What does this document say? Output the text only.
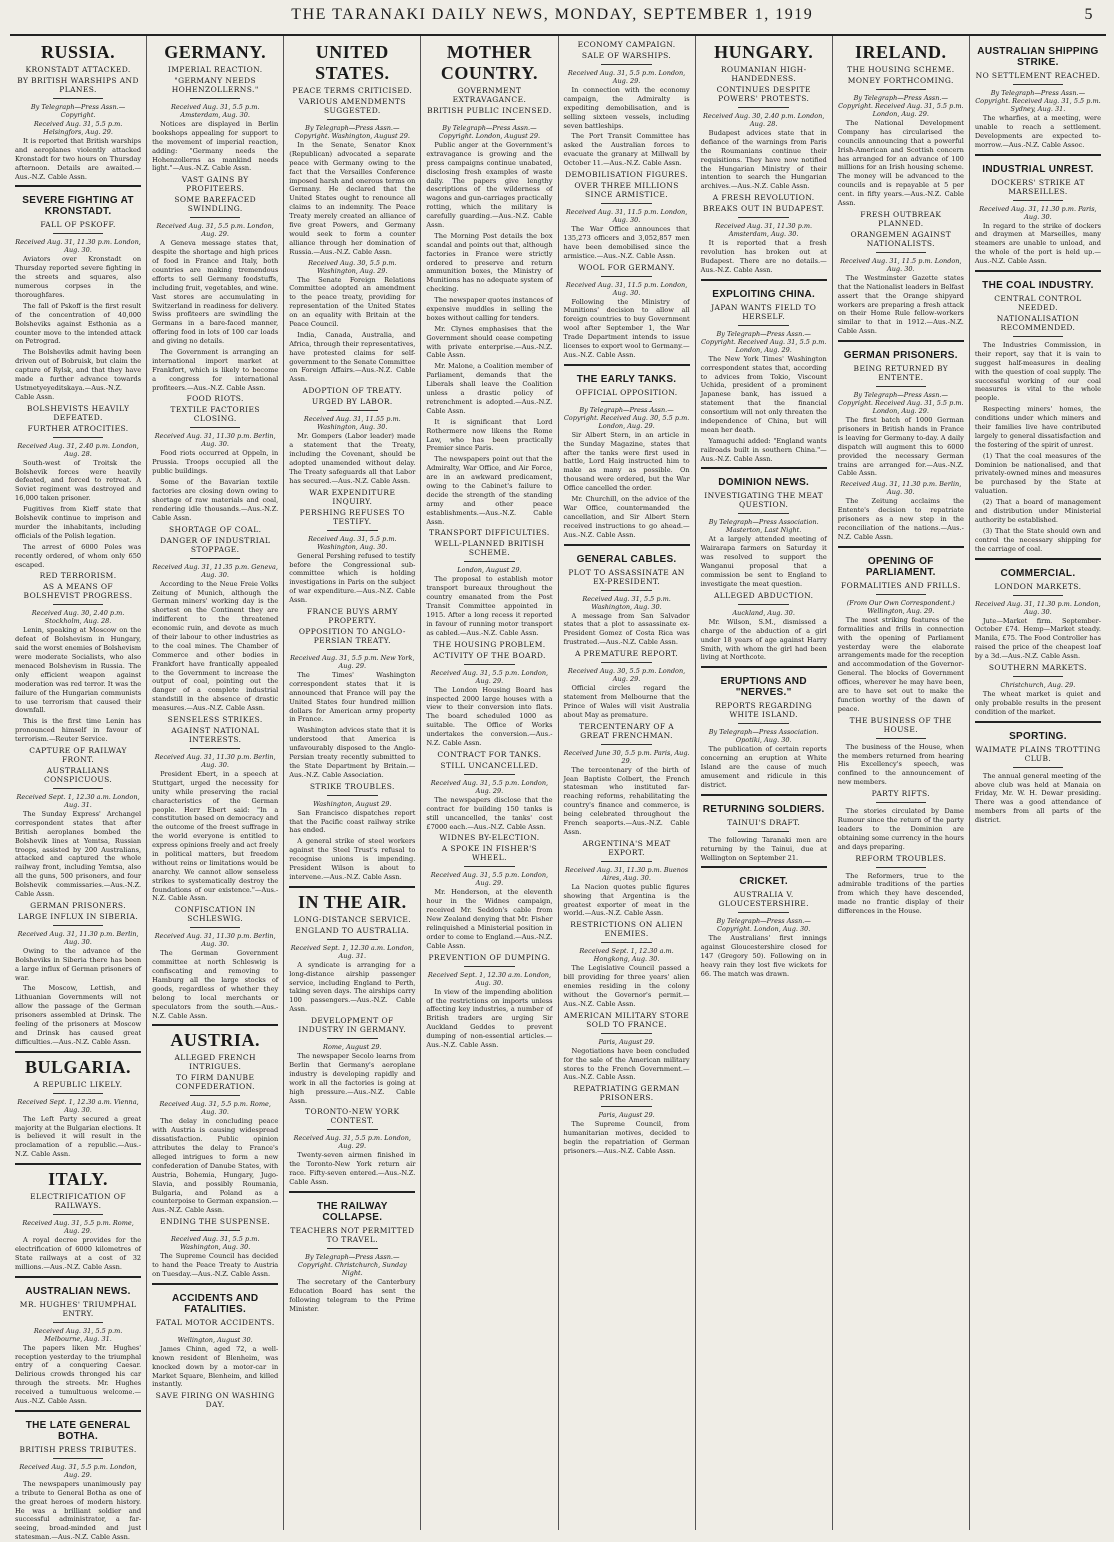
THE TARANAKI DAILY NEWS, MONDAY, SEPTEMBER 1, 1919	5
RUSSIA.
KRONSTADT ATTACKED.
BY BRITISH WARSHIPS AND PLANES.
By Telegraph—Press Assn.—Copyright.
Received Aug. 31, 5.5 p.m. Helsingfors, Aug. 29.

It is reported that British warships and aeroplanes violently attacked Kronstadt for two hours on Thursday afternoon. Details are awaited.—Aus.-N.Z. Cable Assn.

SEVERE FIGHTING AT KRONSTADT.
FALL OF PSKOFF.
Received Aug. 31, 11.30 p.m. London, Aug. 30.

Aviators over Kronstadt on Thursday reported severe fighting in the streets and squares, also numerous corpses in the thoroughfares.

The fall of Pskoff is the first result of the concentration of 40,000 Bolsheviks against Esthonia as a counter move to the intended attack on Petrograd.

The Bolsheviks admit having been driven out of Bobruisk, but claim the capture of Rylsk, and that they have made a further advance towards Ustmetyeyeditskaya.—Aus.-N.Z. Cable Assn.

BOLSHEVISTS HEAVILY DEFEATED.
FURTHER ATROCITIES.
Received Aug. 31, 2.40 p.m. London, Aug. 28.

South-west of Troitsk the Bolshevik forces were heavily defeated, and forced to retreat. A Soviet regiment was destroyed and 16,000 taken prisoner.

Fugitives from Kieff state that Bolshevik continue to imprison and murder the inhabitants, including officials of the Polish legation.

The arrest of 6000 Poles was recently ordered, of whom only 650 escaped.

RED TERRORISM.
AS A MEANS OF BOLSHEVIST PROGRESS.
Received Aug. 30, 2.40 p.m. Stockholm, Aug. 28.

Lenin, speaking at Moscow on the defeat of Bolshevism in Hungary, said the worst enemies of Bolshevism were moderate Socialists, who also menaced Bolshevism in Russia. The only efficient weapon against moderation was red terror. It was the failure of the Hungarian communists to use terrorism that caused their downfall.

This is the first time Lenin has pronounced himself in favour of terrorism.—Reuter Service.

CAPTURE OF RAILWAY FRONT.
AUSTRALIANS CONSPICUOUS.
Received Sept. 1, 12.30 a.m. London, Aug. 31.

The Sunday Express' Archangel correspondent states that after British aeroplanes bombed the Bolshevik lines at Yemtsa, Russian troops, assisted by 200 Australians, attacked and captured the whole railway front, including Yemtsa, also all the guns, 500 prisoners, and four Bolshevik commissaries.—Aus.-N.Z. Cable Assn.

GERMAN PRISONERS.
LARGE INFLUX IN SIBERIA.
Received Aug. 31, 11.30 p.m. Berlin, Aug. 30.

Owing to the advance of the Bolsheviks in Siberia there has been a large influx of German prisoners of war.

The Moscow, Lettish, and Lithuanian Governments will not allow the passage of the German prisoners assembled at Drinsk. The feeling of the prisoners at Moscow and Drinsk has caused great difficulties.—Aus.-N.Z. Cable Assn.

BULGARIA.
A REPUBLIC LIKELY.
Received Sept. 1, 12.30 a.m. Vienna, Aug. 30.

The Left Party secured a great majority at the Bulgarian elections. It is believed it will result in the proclamation of a republic.—Aus.-N.Z. Cable Assn.

ITALY.
ELECTRIFICATION OF RAILWAYS.
Received Aug. 31, 5.5 p.m. Rome, Aug. 29.

A royal decree provides for the electrification of 6000 kilometres of State railways at a cost of 32 millions.—Aus.-N.Z. Cable Assn.

AUSTRALIAN NEWS.
MR. HUGHES' TRIUMPHAL ENTRY.
Received Aug. 31, 5.5 p.m. Melbourne, Aug. 31.

The papers liken Mr. Hughes' reception yesterday to the triumphal entry of a conquering Caesar. Delirious crowds thronged his car through the streets. Mr. Hughes received a tumultuous welcome.—Aus.-N.Z. Cable Assn.

THE LATE GENERAL BOTHA.
BRITISH PRESS TRIBUTES.
Received Aug. 31, 5.5 p.m. London, Aug. 29.

The newspapers unanimously pay a tribute to General Botha as one of the great heroes of modern history. He was a brilliant soldier and successful administrator, a far-seeing, broad-minded and just statesman.—Aus.-N.Z. Cable Assn.

GERMANY.
IMPERIAL REACTION.
"GERMANY NEEDS HOHENZOLLERNS."
Received Aug. 31, 5.5 p.m. Amsterdam, Aug. 30.

Notices are displayed in Berlin bookshops appealing for support to the movement of imperial reaction, adding: "Germany needs the Hohenzollerns as mankind needs light."—Aus.-N.Z. Cable Assn.

VAST GAINS BY PROFITEERS.
SOME BAREFACED SWINDLING.
Received Aug. 31, 5.5 p.m. London, Aug. 29.

A Geneva message states that, despite the shortage and high prices of food in France and Italy, both countries are making tremendous efforts to sell Germany foodstuffs, including fruit, vegetables, and wine. Vast stores are accumulating in Switzerland in readiness for delivery. Swiss profiteers are swindling the Germans in a bare-faced manner, offering food in lots of 100 car loads and giving no details.

The Government is arranging an international import market at Frankfort, which is likely to become a congress for international profiteers.—Aus.-N.Z. Cable Assn.

FOOD RIOTS.
TEXTILE FACTORIES CLOSING.
Received Aug. 31, 11.30 p.m. Berlin, Aug. 30.

Food riots occurred at Oppeln, in Prussia. Troops occupied all the public buildings.

Some of the Bavarian textile factories are closing down owing to shortage of raw materials and coal, rendering idle thousands.—Aus.-N.Z. Cable Assn.

SHORTAGE OF COAL.
DANGER OF INDUSTRIAL STOPPAGE.
Received Aug. 31, 11.35 p.m. Geneva, Aug. 30.

According to the Neue Freie Volks Zeitung of Munich, although the German miners' working day is the shortest on the Continent they are indifferent to the threatened economic ruin, and devote as much of their labour to other industries as to the coal mines. The Chamber of Commerce and other bodies in Frankfort have frantically appealed to the Government to increase the output of coal, pointing out the danger of a complete industrial standstill in the absence of drastic measures.—Aus.-N.Z. Cable Assn.

SENSELESS STRIKES.
AGAINST NATIONAL INTERESTS.
Received Aug. 31, 11.30 p.m. Berlin, Aug. 30.

President Ebert, in a speech at Stuttgart, urged the necessity for unity while preserving the racial characteristics of the German people. Herr Ebert said: "In a constitution based on democracy and the outcome of the freest suffrage in the world everyone is entitled to express opinions freely and act freely in political matters, but freedom without reins or limitations would be anarchy. We cannot allow senseless strikes to systematically destroy the foundations of our existence."—Aus.-N.Z. Cable Assn.

CONFISCATION IN SCHLESWIG.
Received Aug. 31, 11.30 p.m. Berlin, Aug. 30.

The German Government committee at north Schleswig is confiscating and removing to Hamburg all the large stocks of goods, regardless of whether they belong to local merchants or speculators from the south.—Aus.-N.Z. Cable Assn.

AUSTRIA.
ALLEGED FRENCH INTRIGUES.
TO FIRM DANUBE CONFEDERATION.
Received Aug. 31, 5.5 p.m. Rome, Aug. 30.

The delay in concluding peace with Austria is causing widespread dissatisfaction. Public opinion attributes the delay to France's alleged intrigues to form a new confederation of Danube States, with Austria, Bohemia, Hungary, Jugo-Slavia, and possibly Roumania, Bulgaria, and Poland as a counterpoise to German expansion.—Aus.-N.Z. Cable Assn.

ENDING THE SUSPENSE.
Received Aug. 31, 5.5 p.m. Washington, Aug. 30.

The Supreme Council has decided to hand the Peace Treaty to Austria on Tuesday.—Aus.-N.Z. Cable Assn.

ACCIDENTS AND FATALITIES.
FATAL MOTOR ACCIDENTS.
Wellington, August 30.

James Chinn, aged 72, a well-known resident of Blenheim, was knocked down by a motor-car in Market Square, Blenheim, and killed instantly.

SAVE FIRING ON WASHING DAY.
UNITED STATES.
PEACE TERMS CRITICISED.
VARIOUS AMENDMENTS SUGGESTED.
By Telegraph—Press Assn.—Copyright. Washington, August 29.

In the Senate, Senator Knox (Republican) advocated a separate peace with Germany owing to the fact that the Versailles Conference imposed harsh and onerous terms on Germany. He declared that the United States ought to renounce all claims to an indemnity. The Peace Treaty merely created an alliance of five great Powers, and Germany would seek to form a counter alliance through her domination of Russia.—Aus.-N.Z. Cable Assn.

Received Aug. 30, 5.5 p.m. Washington, Aug. 29.

The Senate Foreign Relations Committee adopted an amendment to the peace treaty, providing for representation of the United States on an equality with Britain at the Peace Council.

India, Canada, Australia, and Africa, through their representatives, have protested claims for self-government to the Senate Committee on Foreign Affairs.—Aus.-N.Z. Cable Assn.

ADOPTION OF TREATY.
URGED BY LABOR.
Received Aug. 31, 11.55 p.m. Washington, Aug. 30.

Mr. Gompers (Labor leader) made a statement that the Treaty, including the Covenant, should be adopted unamended without delay. The Treaty safeguards all that Labor has secured.—Aus.-N.Z. Cable Assn.

WAR EXPENDITURE INQUIRY.
PERSHING REFUSES TO TESTIFY.
Received Aug. 31, 5.5 p.m. Washington, Aug. 30.

General Pershing refused to testify before the Congressional sub-committee which is holding investigations in Paris on the subject of war expenditure.—Aus.-N.Z. Cable Assn.

FRANCE BUYS ARMY PROPERTY.
OPPOSITION TO ANGLO-PERSIAN TREATY.
Received Aug. 31, 5.5 p.m. New York, Aug. 29.

The Times' Washington correspondent states that it is announced that France will pay the United States four hundred million dollars for American army property in France.

Washington advices state that it is understood that America is unfavourably disposed to the Anglo-Persian treaty recently submitted to the State Department by Britain.—Aus.-N.Z. Cable Association.

STRIKE TROUBLES.
Washington, August 29.

San Francisco dispatches report that the Pacific coast railway strike has ended.

A general strike of steel workers against the Steel Trust's refusal to recognise unions is impending. President Wilson is about to intervene.—Aus.-N.Z. Cable Assn.

IN THE AIR.
LONG-DISTANCE SERVICE.
ENGLAND TO AUSTRALIA.
Received Sept. 1, 12.30 a.m. London, Aug. 31.

A syndicate is arranging for a long-distance airship passenger service, including England to Perth, taking seven days. The airships carry 100 passengers.—Aus.-N.Z. Cable Assn.

DEVELOPMENT OF INDUSTRY IN GERMANY.
Rome, August 29.

The newspaper Secolo learns from Berlin that Germany's aeroplane industry is developing rapidly and work in all the factories is going at high pressure.—Aus.-N.Z. Cable Assn.

TORONTO-NEW YORK CONTEST.
Received Aug. 31, 5.5 p.m. London, Aug. 29.

Twenty-seven airmen finished in the Toronto-New York return air race. Fifty-seven entered.—Aus.-N.Z. Cable Assn.

THE RAILWAY COLLAPSE.
TEACHERS NOT PERMITTED TO TRAVEL.
By Telegraph—Press Assn.—Copyright. Christchurch, Sunday Night.

The secretary of the Canterbury Education Board has sent the following telegram to the Prime Minister.

MOTHER COUNTRY.
GOVERNMENT EXTRAVAGANCE.
BRITISH PUBLIC INCENSED.
By Telegraph—Press Assn.—Copyright. London, August 29.

Public anger at the Government's extravagance is growing and the press campaigns continue unabated, disclosing fresh examples of waste daily. The papers give lengthy descriptions of the wilderness of wagons and gun-carriages practically rotting, which the military is carefully guarding.—Aus.-N.Z. Cable Assn.

The Morning Post details the box scandal and points out that, although factories in France were strictly ordered to preserve and return ammunition boxes, the Ministry of Munitions has no adequate system of checking.

The newspaper quotes instances of expensive muddles in selling the boxes without calling for tenders.

Mr. Clynes emphasises that the Government should cease competing with private enterprise.—Aus.-N.Z. Cable Assn.

Mr. Malone, a Coalition member of Parliament, demands that the Liberals shall leave the Coalition unless a drastic policy of retrenchment is adopted.—Aus.-N.Z. Cable Assn.

It is significant that Lord Rothermere now likens the Rome Law, who has been practically Premier since Paris.

The newspapers point out that the Admiralty, War Office, and Air Force, are in an awkward predicament, owing to the Cabinet's failure to decide the strength of the standing army and other peace establishments.—Aus.-N.Z. Cable Assn.

TRANSPORT DIFFICULTIES.
WELL-PLANNED BRITISH SCHEME.
London, August 29.

The proposal to establish motor transport bureaux throughout the country emanated from the Post Transit Committee appointed in 1915. After a long recess it reported in favour of running motor transport as cabled.—Aus.-N.Z. Cable Assn.

THE HOUSING PROBLEM.
ACTIVITY OF THE BOARD.
Received Aug. 31, 5.5 p.m. London, Aug. 29.

The London Housing Board has inspected 2000 large houses with a view to their conversion into flats. The board scheduled 1000 as suitable. The Office of Works undertakes the conversion.—Aus.-N.Z. Cable Assn.

CONTRACT FOR TANKS.
STILL UNCANCELLED.
Received Aug. 31, 5.5 p.m. London, Aug. 29.

The newspapers disclose that the contract for building 150 tanks is still uncancelled, the tanks' cost £7000 each.—Aus.-N.Z. Cable Assn.

WIDNES BY-ELECTION.
A SPOKE IN FISHER'S WHEEL.
Received Aug. 31, 5.5 p.m. London, Aug. 29.

Mr. Henderson, at the eleventh hour in the Widnes campaign, received Mr. Seddon's cable from New Zealand denying that Mr. Fisher relinquished a Ministerial position in order to come to England.—Aus.-N.Z. Cable Assn.

PREVENTION OF DUMPING.
Received Sept. 1, 12.30 a.m. London, Aug. 30.

In view of the impending abolition of the restrictions on imports unless affecting key industries, a number of British traders are urging Sir Auckland Geddes to prevent dumping of non-essential articles.—Aus.-N.Z. Cable Assn.

ECONOMY CAMPAIGN.
SALE OF WARSHIPS.
Received Aug. 31, 5.5 p.m. London, Aug. 29.

In connection with the economy campaign, the Admiralty is expediting demobilisation, and is selling sixteen vessels, including seven battleships.

The Port Transit Committee has asked the Australian forces to evacuate the granary at Millwall by October 11.—Aus.-N.Z. Cable Assn.

DEMOBILISATION FIGURES.
OVER THREE MILLIONS SINCE ARMISTICE.
Received Aug. 31, 11.5 p.m. London, Aug. 30.

The War Office announces that 135,273 officers and 3,052,857 men have been demobilised since the armistice.—Aus.-N.Z. Cable Assn.

WOOL FOR GERMANY.
Received Aug. 31, 11.5 p.m. London, Aug. 30.

Following the Ministry of Munitions' decision to allow all foreign countries to buy Government wool after September 1, the War Trade Department intends to issue licenses to export wool to Germany.—Aus.-N.Z. Cable Assn.

THE EARLY TANKS.
OFFICIAL OPPOSITION.
By Telegraph—Press Assn.—Copyright. Received Aug. 30, 5.5 p.m. London, Aug. 29.

Sir Albert Stern, in an article in the Sunday Magazine, states that after the tanks were first used in battle, Lord Haig instructed him to make as many as possible. On thousand were ordered, but the War Office cancelled the order.

Mr. Churchill, on the advice of the War Office, countermanded the cancellation, and Sir Albert Stern received instructions to go ahead.—Aus.-N.Z. Cable Assn.

GENERAL CABLES.
PLOT TO ASSASSINATE AN EX-PRESIDENT.
Received Aug. 31, 5.5 p.m. Washington, Aug. 30.

A message from San Salvador states that a plot to assassinate ex-President Gomez of Costa Rica was frustrated.—Aus.-N.Z. Cable Assn.

A PREMATURE REPORT.
Received Aug. 30, 5.5 p.m. London, Aug. 29.

Official circles regard the statement from Melbourne that the Prince of Wales will visit Australia about May as premature.

TERCENTENARY OF A GREAT FRENCHMAN.
Received June 30, 5.5 p.m. Paris, Aug. 29.

The tercentenary of the birth of Jean Baptiste Colbert, the French statesman who instituted far-reaching reforms, rehabilitating the country's finance and commerce, is being celebrated throughout the French seaports.—Aus.-N.Z. Cable Assn.

ARGENTINA'S MEAT EXPORT.
Received Aug. 31, 11.30 p.m. Buenos Aires, Aug. 30.

La Nacion quotes public figures showing that Argentina is the greatest exporter of meat in the world.—Aus.-N.Z. Cable Assn.

RESTRICTIONS ON ALIEN ENEMIES.
Received Sept. 1, 12.30 a.m. Hongkong, Aug. 30.

The Legislative Council passed a bill providing for three years' alien enemies residing in the colony without the Governor's permit.—Aus.-N.Z. Cable Assn.

AMERICAN MILITARY STORE SOLD TO FRANCE.
Paris, August 29.

Negotiations have been concluded for the sale of the American military stores to the French Government.—Aus.-N.Z. Cable Assn.

REPATRIATING GERMAN PRISONERS.
Paris, August 29.

The Supreme Council, from humanitarian motives, decided to begin the repatriation of German prisoners.—Aus.-N.Z. Cable Assn.

HUNGARY.
ROUMANIAN HIGH-HANDEDNESS.
CONTINUES DESPITE POWERS' PROTESTS.
Received Aug. 30, 2.40 p.m. London, Aug. 28.

Budapest advices state that in defiance of the warnings from Paris the Roumanians continue their requisitions. They have now notified the Hungarian Ministry of their intention to search the Hungarian archives.—Aus.-N.Z. Cable Assn.

A FRESH REVOLUTION.
BREAKS OUT IN BUDAPEST.
Received Aug. 31, 11.30 p.m. Amsterdam, Aug. 30.

It is reported that a fresh revolution has broken out at Budapest. There are no details.—Aus.-N.Z. Cable Assn.

EXPLOITING CHINA.
JAPAN WANTS FIELD TO HERSELF.
By Telegraph—Press Assn.—Copyright. Received Aug. 31, 5.5 p.m. London, Aug. 29.

The New York Times' Washington correspondent states that, according to advices from Tokio, Viscount Uchida, president of a prominent Japanese bank, has issued a statement that the financial consortium will not only threaten the independence of China, but will mean her death.

Yamaguchi added: "England wants railroads built in southern China."—Aus.-N.Z. Cable Assn.

DOMINION NEWS.
INVESTIGATING THE MEAT QUESTION.
By Telegraph—Press Association. Masterton, Last Night.

At a largely attended meeting of Wairarapa farmers on Saturday it was resolved to support the Wanganui proposal that a commission be sent to England to investigate the meat question.

ALLEGED ABDUCTION.
Auckland, Aug. 30.

Mr. Wilson, S.M., dismissed a charge of the abduction of a girl under 18 years of age against Harry Smith, with whom the girl had been living at Northcote.

ERUPTIONS AND "NERVES."
REPORTS REGARDING WHITE ISLAND.
By Telegraph—Press Association. Opotiki, Aug. 30.

The publication of certain reports concerning an eruption at White Island are the cause of much amusement and ridicule in this district.

RETURNING SOLDIERS.
TAINUI'S DRAFT.

The following Taranaki men are returning by the Tainui, due at Wellington on September 21.

CRICKET.
AUSTRALIA V. GLOUCESTERSHIRE.
By Telegraph—Press Assn.—Copyright. London, Aug. 30.

The Australians' first innings against Gloucestershire closed for 147 (Gregory 50). Following on in heavy rain they lost five wickets for 66. The match was drawn.

IRELAND.
THE HOUSING SCHEME.
MONEY FORTHCOMING.
By Telegraph—Press Assn.—Copyright. Received Aug. 31, 5.5 p.m. London, Aug. 29.

The National Development Company has circularised the councils announcing that a powerful Irish-American and Scottish concern has arranged for an advance of 100 millions for an Irish housing scheme. The money will be advanced to the councils and is repayable at 5 per cent. in fifty years.—Aus.-N.Z. Cable Assn.

FRESH OUTBREAK PLANNED.
ORANGEMEN AGAINST NATIONALISTS.
Received Aug. 31, 11.5 p.m. London, Aug. 30.

The Westminster Gazette states that the Nationalist leaders in Belfast assert that the Orange shipyard workers are preparing a fresh attack on their Home Rule fellow-workers similar to that in 1912.—Aus.-N.Z. Cable Assn.

GERMAN PRISONERS.
BEING RETURNED BY ENTENTE.
By Telegraph—Press Assn.—Copyright. Received Aug. 31, 5.5 p.m. London, Aug. 29.

The first batch of 1000 German prisoners in British hands in France is leaving for Germany to-day. A daily dispatch will augment this to 6000 provided the necessary German trains are arranged for.—Aus.-N.Z. Cable Assn.

Received Aug. 31, 11.30 p.m. Berlin, Aug. 30.

The Zeitung acclaims the Entente's decision to repatriate prisoners as a new step in the reconciliation of the nations.—Aus.-N.Z. Cable Assn.

OPENING OF PARLIAMENT.
FORMALITIES AND FRILLS.
(From Our Own Correspondent.) Wellington, Aug. 29.

The most striking features of the formalities and frills in connection with the opening of Parliament yesterday were the elaborate arrangements made for the reception and accommodation of the Governor-General. The blocks of Government offices, wherever he may have been, are to have set out to make the function worthy of the dawn of peace.

THE BUSINESS OF THE HOUSE.

The business of the House, when the members returned from hearing His Excellency's speech, was confined to the announcement of new members.

PARTY RIFTS.

The stories circulated by Dame Rumour since the return of the party leaders to the Dominion are obtaining some currency in the hours and days preparing.

REFORM TROUBLES.

The Reformers, true to the admirable traditions of the parties from which they have descended, made no frantic display of their differences in the House.

AUSTRALIAN SHIPPING STRIKE.
NO SETTLEMENT REACHED.
By Telegraph—Press Assn.—Copyright. Received Aug. 31, 5.5 p.m. Sydney, Aug. 31.

The wharfies, at a meeting, were unable to reach a settlement. Developments are expected to-morrow.—Aus.-N.Z. Cable Assoc.

INDUSTRIAL UNREST.
DOCKERS' STRIKE AT MARSEILLES.
Received Aug. 31, 11.30 p.m. Paris, Aug. 30.

In regard to the strike of dockers and draymen at Marseilles, many steamers are unable to unload, and the whole of the port is held up.—Aus.-N.Z. Cable Assn.

THE COAL INDUSTRY.
CENTRAL CONTROL NEEDED.
NATIONALISATION RECOMMENDED.

The Industries Commission, in their report, say that it is vain to suggest half-measures in dealing with the question of coal supply. The successful working of our coal measures is vital to the whole people.

Respecting miners' homes, the conditions under which miners and their families live have contributed largely to general dissatisfaction and the fostering of the spirit of unrest.

(1) That the coal measures of the Dominion be nationalised, and that privately-owned mines and measures be purchased by the State at valuation.

(2) That a board of management and distribution under Ministerial authority be established.

(3) That the State should own and control the necessary shipping for the carriage of coal.

COMMERCIAL.
LONDON MARKETS.
Received Aug. 31, 11.30 p.m. London, Aug. 30.

Jute—Market firm. September-October £74. Hemp—Market steady. Manila, £75. The Food Controller has raised the price of the cheapest loaf by a 3d.—Aus.-N.Z. Cable Assn.

SOUTHERN MARKETS.
Christchurch, Aug. 29.

The wheat market is quiet and only probable results in the present condition of the market.

SPORTING.
WAIMATE PLAINS TROTTING CLUB.

The annual general meeting of the above club was held at Manaia on Friday, Mr. W. H. Dewar presiding. There was a good attendance of members from all parts of the district.
